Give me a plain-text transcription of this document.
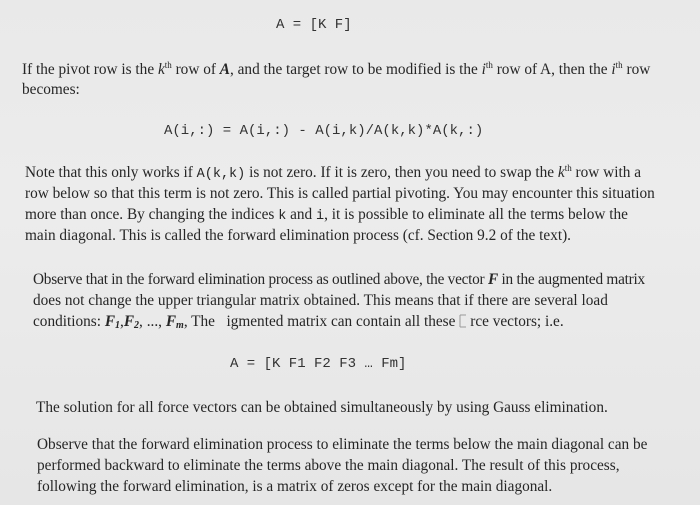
A = [K F]
If the pivot row is the $k^{th}$ row of A, and the target row to be modified is the $i^{th}$ row of A, then the $i^{th}$ row
becomes:
A(i,:) = A(i,:) - A(i,k)/A(k,k)*A(k,:)
Note that this only works if A(k,k) is not zero. If it is zero, then you need to swap the $k^{th}$ row with a
row below so that this term is not zero. This is called partial pivoting. You may encounter this situation
more than once. By changing the indices k and i, it is possible to eliminate all the terms below the
main diagonal. This is called the forward elimination process (cf. Section 9.2 of the text).
Observe that in the forward elimination process as outlined above, the vector F in the augmented matrix
does not change the upper triangular matrix obtained. This means that if there are several load
conditions: $F_1,F_2$, ..., $F_m$, The   igmented matrix can contain all these rce vectors; i.e.
A = [K F1 F2 F3 … Fm]
The solution for all force vectors can be obtained simultaneously by using Gauss elimination.
Observe that the forward elimination process to eliminate the terms below the main diagonal can be
performed backward to eliminate the terms above the main diagonal. The result of this process,
following the forward elimination, is a matrix of zeros except for the main diagonal.
